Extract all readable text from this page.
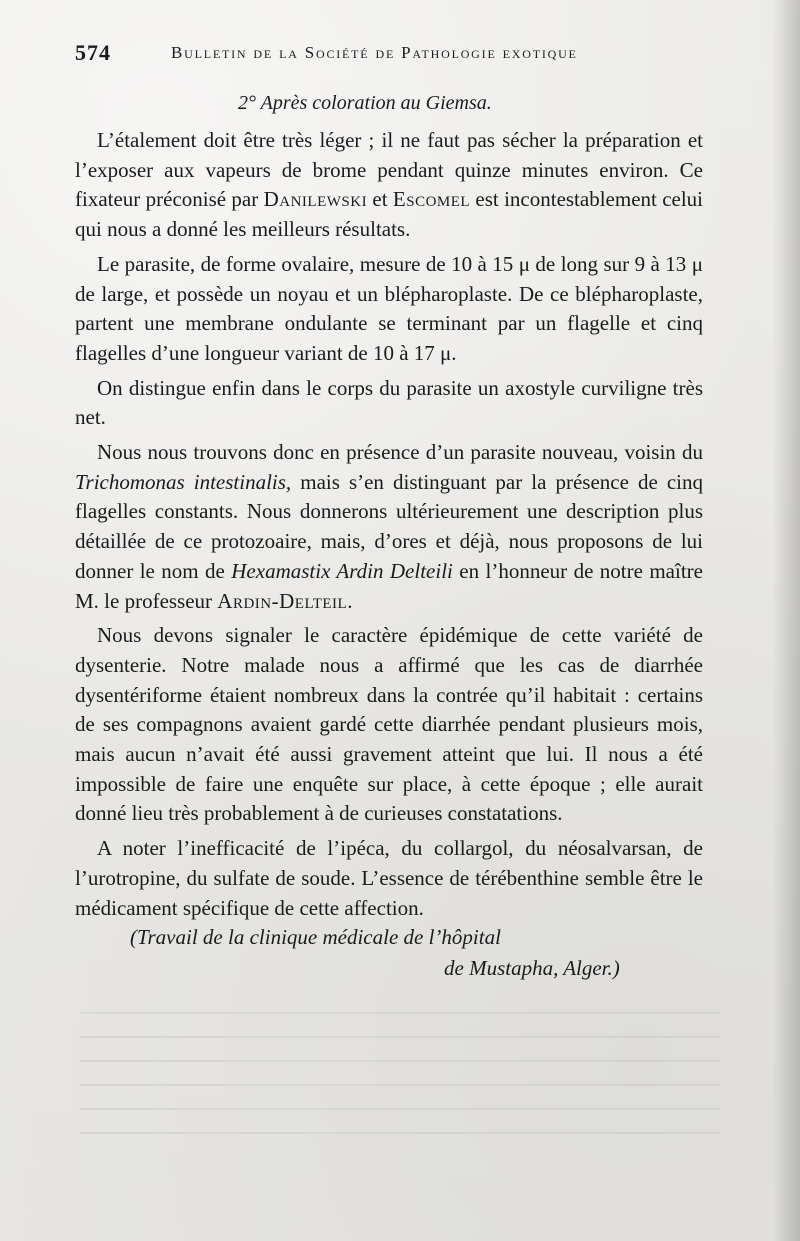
574	Bulletin de la Société de Pathologie exotique
2° Après coloration au Giemsa.

L’étalement doit être très léger ; il ne faut pas sécher la préparation et l’exposer aux vapeurs de brome pendant quinze minutes environ. Ce fixateur préconisé par Danilewski et Escomel est incontestablement celui qui nous a donné les meilleurs résultats.

Le parasite, de forme ovalaire, mesure de 10 à 15 μ de long sur 9 à 13 μ de large, et possède un noyau et un blépharoplaste. De ce blépharoplaste, partent une membrane ondulante se terminant par un flagelle et cinq flagelles d’une longueur variant de 10 à 17 μ.

On distingue enfin dans le corps du parasite un axostyle curviligne très net.

Nous nous trouvons donc en présence d’un parasite nouveau, voisin du Trichomonas intestinalis, mais s’en distinguant par la présence de cinq flagelles constants. Nous donnerons ultérieurement une description plus détaillée de ce protozoaire, mais, d’ores et déjà, nous proposons de lui donner le nom de Hexamastix Ardin Delteili en l’honneur de notre maître M. le professeur Ardin-Delteil.

Nous devons signaler le caractère épidémique de cette variété de dysenterie. Notre malade nous a affirmé que les cas de diarrhée dysentériforme étaient nombreux dans la contrée qu’il habitait : certains de ses compagnons avaient gardé cette diarrhée pendant plusieurs mois, mais aucun n’avait été aussi gravement atteint que lui. Il nous a été impossible de faire une enquête sur place, à cette époque ; elle aurait donné lieu très probablement à de curieuses constatations.

A noter l’inefficacité de l’ipéca, du collargol, du néosalvarsan, de l’urotropine, du sulfate de soude. L’essence de térébenthine semble être le médicament spécifique de cette affection.

(Travail de la clinique médicale de l’hôpital
de Mustapha, Alger.)
